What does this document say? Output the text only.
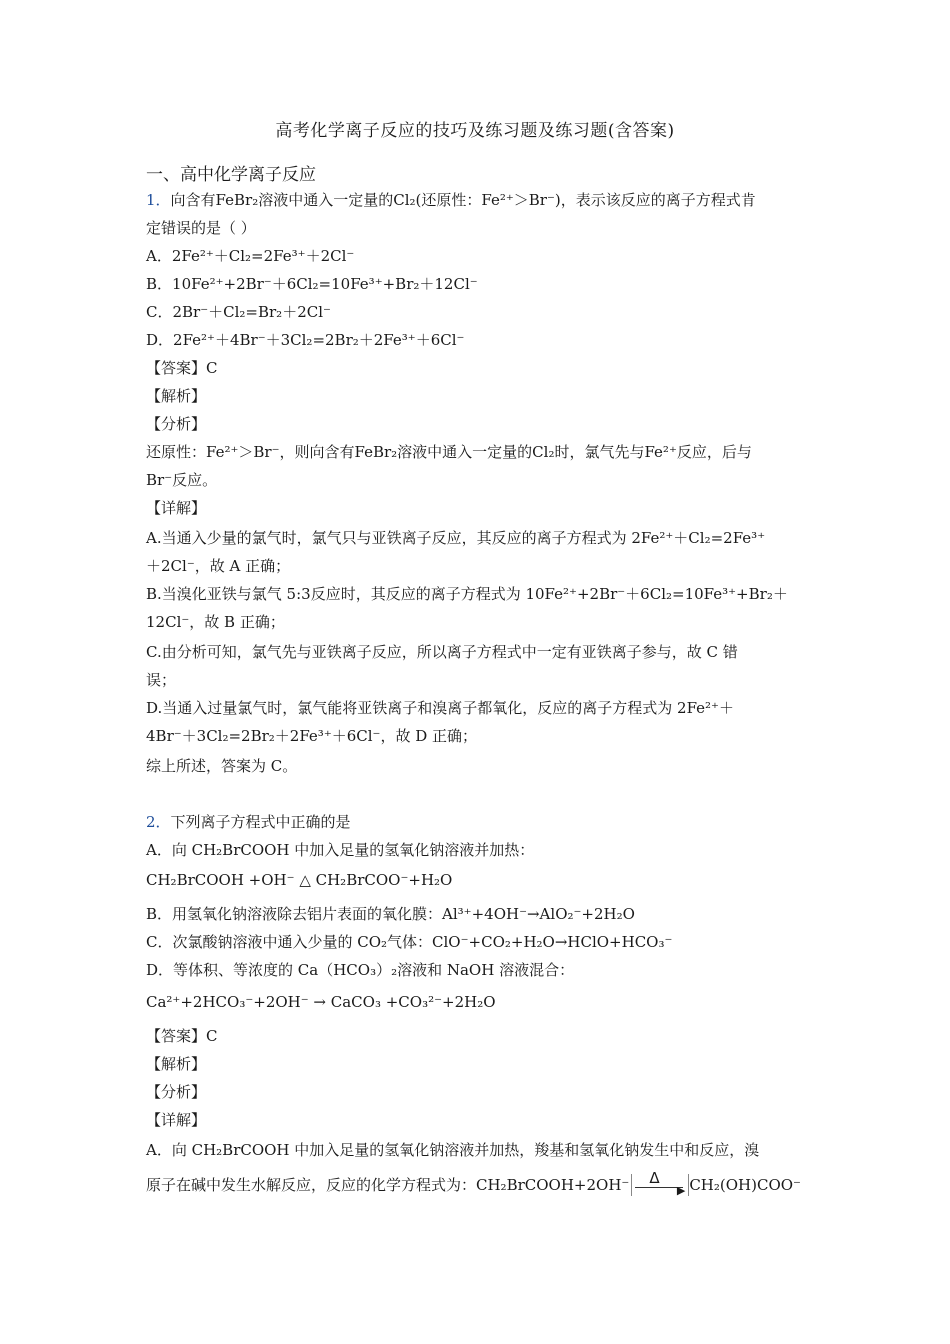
高考化学离子反应的技巧及练习题及练习题(含答案)
一、高中化学离子反应
1．向含有FeBr₂溶液中通入一定量的Cl₂(还原性：Fe²⁺＞Br⁻)，表示该反应的离子方程式肯
定错误的是（ ）
A．2Fe²⁺＋Cl₂=2Fe³⁺＋2Cl⁻
B．10Fe²⁺+2Br⁻＋6Cl₂=10Fe³⁺+Br₂＋12Cl⁻
C．2Br⁻＋Cl₂=Br₂＋2Cl⁻
D．2Fe²⁺＋4Br⁻＋3Cl₂=2Br₂＋2Fe³⁺＋6Cl⁻
【答案】C
【解析】
【分析】
还原性：Fe²⁺＞Br⁻，则向含有FeBr₂溶液中通入一定量的Cl₂时，氯气先与Fe²⁺反应，后与
Br⁻反应。
【详解】
A.当通入少量的氯气时，氯气只与亚铁离子反应，其反应的离子方程式为 2Fe²⁺＋Cl₂=2Fe³⁺
＋2Cl⁻，故 A 正确；
B.当溴化亚铁与氯气 5:3反应时，其反应的离子方程式为 10Fe²⁺+2Br⁻＋6Cl₂=10Fe³⁺+Br₂＋
12Cl⁻，故 B 正确；
C.由分析可知，氯气先与亚铁离子反应，所以离子方程式中一定有亚铁离子参与，故 C 错
误；
D.当通入过量氯气时，氯气能将亚铁离子和溴离子都氧化，反应的离子方程式为 2Fe²⁺＋
4Br⁻＋3Cl₂=2Br₂＋2Fe³⁺＋6Cl⁻，故 D 正确；
综上所述，答案为 C。
2．下列离子方程式中正确的是
A．向 CH₂BrCOOH 中加入足量的氢氧化钠溶液并加热：
CH₂BrCOOH +OH⁻ △ CH₂BrCOO⁻+H₂O
B．用氢氧化钠溶液除去铝片表面的氧化膜：Al³⁺+4OH⁻→AlO₂⁻+2H₂O
C．次氯酸钠溶液中通入少量的 CO₂气体：ClO⁻+CO₂+H₂O→HClO+HCO₃⁻
D．等体积、等浓度的 Ca（HCO₃）₂溶液和 NaOH 溶液混合：
Ca²⁺+2HCO₃⁻+2OH⁻ → CaCO₃ +CO₃²⁻+2H₂O
【答案】C
【解析】
【分析】
【详解】
A．向 CH₂BrCOOH 中加入足量的氢氧化钠溶液并加热，羧基和氢氧化钠发生中和反应，溴
原子在碱中发生水解反应，反应的化学方程式为：CH₂BrCOOH+2OH⁻ Δ
▶ CH₂(OH)COO⁻
